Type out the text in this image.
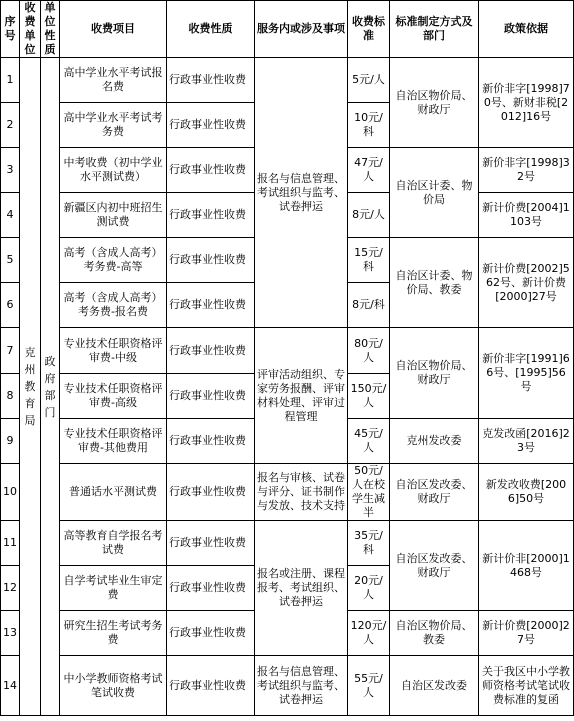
序号	收费单位	单位性质	收费项目	收费性质	服务内或涉及事项	收费标准	标准制定方式及部门	政策依据
1	克州教育局	政府部门	高中学业水平考试报名费	行政事业性收费	报名与信息管理、考试组织与监考、试卷押运	5元/人	自治区物价局、财政厅	新价非字[1998]70号、新财非税[2012]16号
2			高中学业水平考试考务费	行政事业性收费		10元/科		
3			中考收费（初中学业水平测试费）	行政事业性收费		47元/人	自治区计委、物价局	新价非字[1998]32号
4			新疆区内初中班招生测试费	行政事业性收费		8元/人		新计价费[2004]1103号
5			高考（含成人高考）考务费-高等	行政事业性收费		15元/科	自治区计委、物价局、教委	新计价费[2002]562号、新计价费[2000]27号
6			高考（含成人高考）考务费-报名费	行政事业性收费		8元/科		
7			专业技术任职资格评审费-中级	行政事业性收费	评审活动组织、专家劳务报酬、评审材料处理、评审过程管理	80元/人	自治区物价局、财政厅	新价非字[1991]66号、[1995]56号
8			专业技术任职资格评审费-高级	行政事业性收费		150元/人		
9			专业技术任职资格评审费-其他费用	行政事业性收费		45元/人	克州发改委	克发改函[2016]23号
10			普通话水平测试费	行政事业性收费	报名与审核、试卷与评分、证书制作与发放、技术支持	50元/人在校学生减半	自治区发改委、财政厅	新发改收费[2006]50号
11			高等教育自学报名考试费	行政事业性收费	报名或注册、课程报考、考试组织、试卷押运	35元/科	自治区发改委、财政厅	新计价非[2000]1468号
12			自学考试毕业生审定费	行政事业性收费		20元/人		
13			研究生招生考试考务费	行政事业性收费		120元/人	自治区物价局、教委	新计价费[2000]27号
14			中小学教师资格考试笔试收费	行政事业性收费	报名与信息管理、考试组织与监考、试卷押运	55元/人	自治区发改委	关于我区中小学教师资格考试笔试收费标准的复函
